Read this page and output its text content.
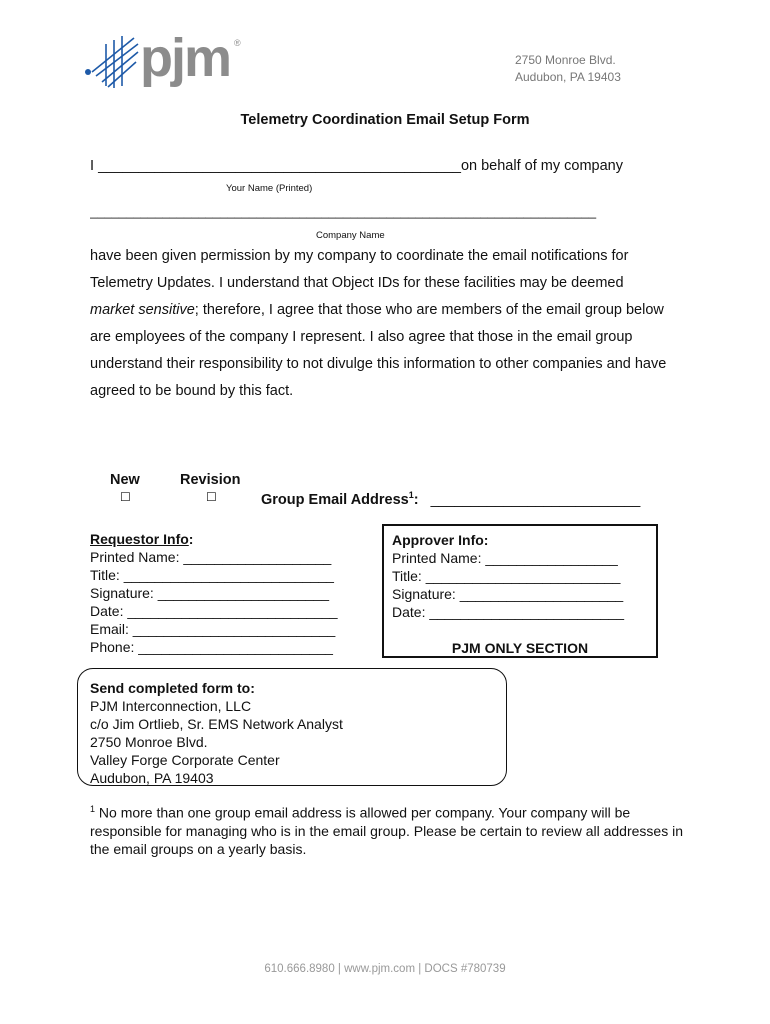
pjm ®
2750 Monroe Blvd.
Audubon, PA 19403
Telemetry Coordination Email Setup Form
I _____________________________________________on behalf of my company
Your Name (Printed)
______________________________________________________________________
Company Name
have been given permission by my company to coordinate the email notifications for Telemetry Updates. I understand that Object IDs for these facilities may be deemed market sensitive; therefore, I agree that those who are members of the email group below are employees of the company I represent. I also agree that those in the email group understand their responsibility to not divulge this information to other companies and have agreed to be bound by this fact.
New
☐
Revision
☐	Group Email Address$^1$: __________________________
Requestor Info:
Printed Name: ___________________
Title: ___________________________
Signature: ______________________
Date: ___________________________
Email: __________________________
Phone: _________________________
Approver Info:
Printed Name: _________________
Title: _________________________
Signature: _____________________
Date: _________________________
PJM ONLY SECTION
Send completed form to:
PJM Interconnection, LLC
c/o Jim Ortlieb, Sr. EMS Network Analyst
2750 Monroe Blvd.
Valley Forge Corporate Center
Audubon, PA 19403
$^1$ No more than one group email address is allowed per company. Your company will be responsible for managing who is in the email group. Please be certain to review all addresses in the email groups on a yearly basis.
610.666.8980 | www.pjm.com | DOCS #780739
